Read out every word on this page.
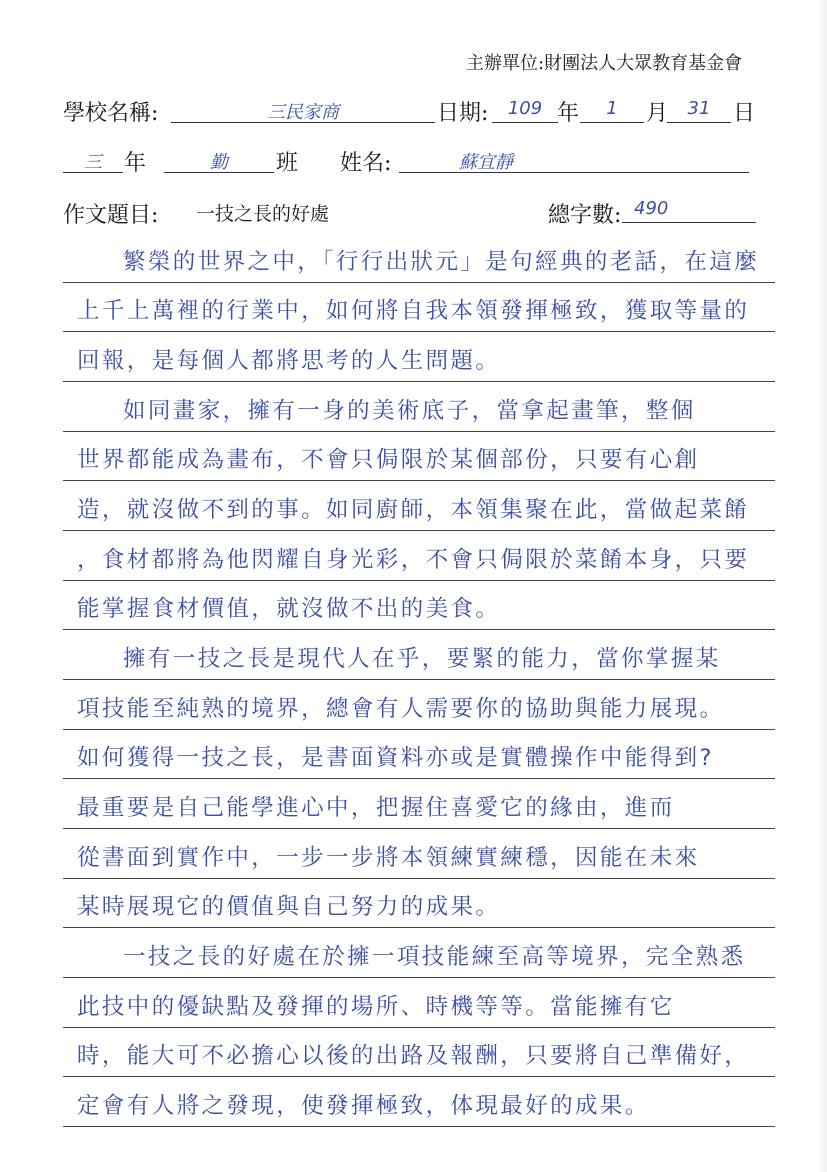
主辦單位:財團法人大眾教育基金會
學校名稱:	三民家商	日期:	109 年	1	月	31	日
三	年	勤	班 姓名:	蘇宜靜
作文題目: 一技之長的好處	總字數: 490
繁榮的世界之中，「行行出狀元」是句經典的老話，在這麼
上千上萬裡的行業中，如何將自我本領發揮極致，獲取等量的
回報，是每個人都將思考的人生問題。
如同畫家，擁有一身的美術底子，當拿起畫筆，整個
世界都能成為畫布，不會只侷限於某個部份，只要有心創
造，就沒做不到的事。如同廚師，本領集聚在此，當做起菜餚
，食材都將為他閃耀自身光彩，不會只侷限於菜餚本身，只要
能掌握食材價值，就沒做不出的美食。
擁有一技之長是現代人在乎，要緊的能力，當你掌握某
項技能至純熟的境界，總會有人需要你的協助與能力展現。
如何獲得一技之長，是書面資料亦或是實體操作中能得到?
最重要是自己能學進心中，把握住喜愛它的緣由，進而
從書面到實作中，一步一步將本領練實練穩，因能在未來
某時展現它的價值與自己努力的成果。
一技之長的好處在於擁一項技能練至高等境界，完全熟悉
此技中的優缺點及發揮的場所、時機等等。當能擁有它
時，能大可不必擔心以後的出路及報酬，只要將自己準備好，
定會有人將之發現，使發揮極致，体現最好的成果。
